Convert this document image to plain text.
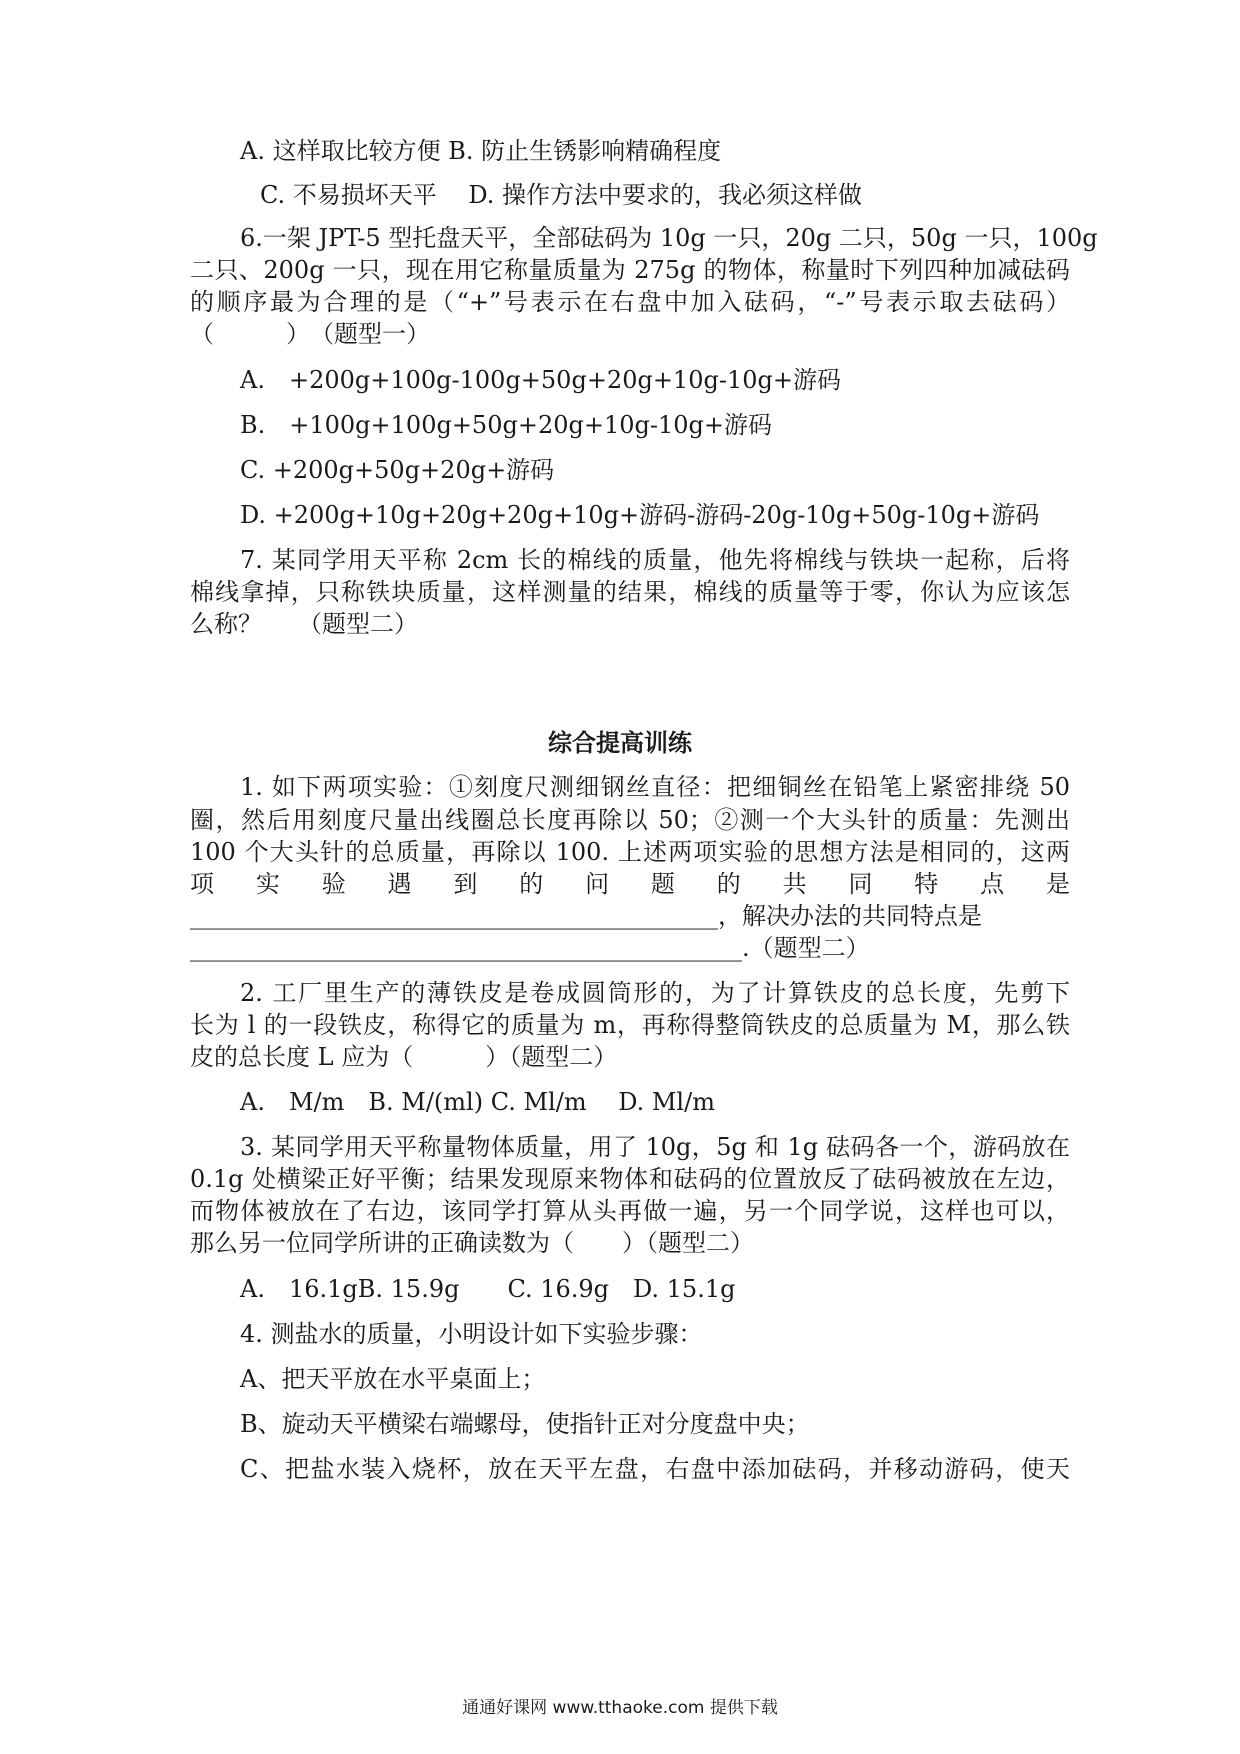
A. 这样取比较方便 B. 防止生锈影响精确程度
C. 不易损坏天平　 D. 操作方法中要求的，我必须这样做
6.一架 JPT-5 型托盘天平，全部砝码为 10g 一只，20g 二只，50g 一只，100g
二只、200g 一只，现在用它称量质量为 275g 的物体，称量时下列四种加减砝码
的顺序最为合理的是（“+”号表示在右盘中加入砝码，“-”号表示取去砝码）
（　　　）　（题型一）
A.　+200g+100g-100g+50g+20g+10g-10g+游码
B.　+100g+100g+50g+20g+10g-10g+游码
C. +200g+50g+20g+游码
D. +200g+10g+20g+20g+10g+游码-游码-20g-10g+50g-10g+游码
7. 某同学用天平称 2cm 长的棉线的质量，他先将棉线与铁块一起称，后将
棉线拿掉，只称铁块质量，这样测量的结果，棉线的质量等于零，你认为应该怎
么称？　　（题型二）
综合提高训练
1. 如下两项实验：①刻度尺测细钢丝直径：把细铜丝在铅笔上紧密排绕 50
圈，然后用刻度尺量出线圈总长度再除以 50；②测一个大头针的质量：先测出
100 个大头针的总质量，再除以 100. 上述两项实验的思想方法是相同的，这两
项 实 验 遇 到 的 问 题 的 共 同 特 点 是
____________________________________________，解决办法的共同特点是
______________________________________________.（题型二）
2. 工厂里生产的薄铁皮是卷成圆筒形的，为了计算铁皮的总长度，先剪下
长为 l 的一段铁皮，称得它的质量为 m，再称得整筒铁皮的总质量为 M，那么铁
皮的总长度 L 应为（　　　）（题型二）
A.　M/m　B. M/(ml) C. Ml/m　 D. Ml/m
3. 某同学用天平称量物体质量，用了 10g，5g 和 1g 砝码各一个，游码放在
0.1g 处横梁正好平衡；结果发现原来物体和砝码的位置放反了砝码被放在左边，
而物体被放在了右边，该同学打算从头再做一遍，另一个同学说，这样也可以，
那么另一位同学所讲的正确读数为（　　）（题型二）
A.　16.1gB. 15.9g　　C. 16.9g　D. 15.1g
4. 测盐水的质量，小明设计如下实验步骤：
A、把天平放在水平桌面上；
B、旋动天平横梁右端螺母，使指针正对分度盘中央；
C、把盐水装入烧杯，放在天平左盘，右盘中添加砝码，并移动游码，使天
通通好课网 www.tthaoke.com 提供下载
